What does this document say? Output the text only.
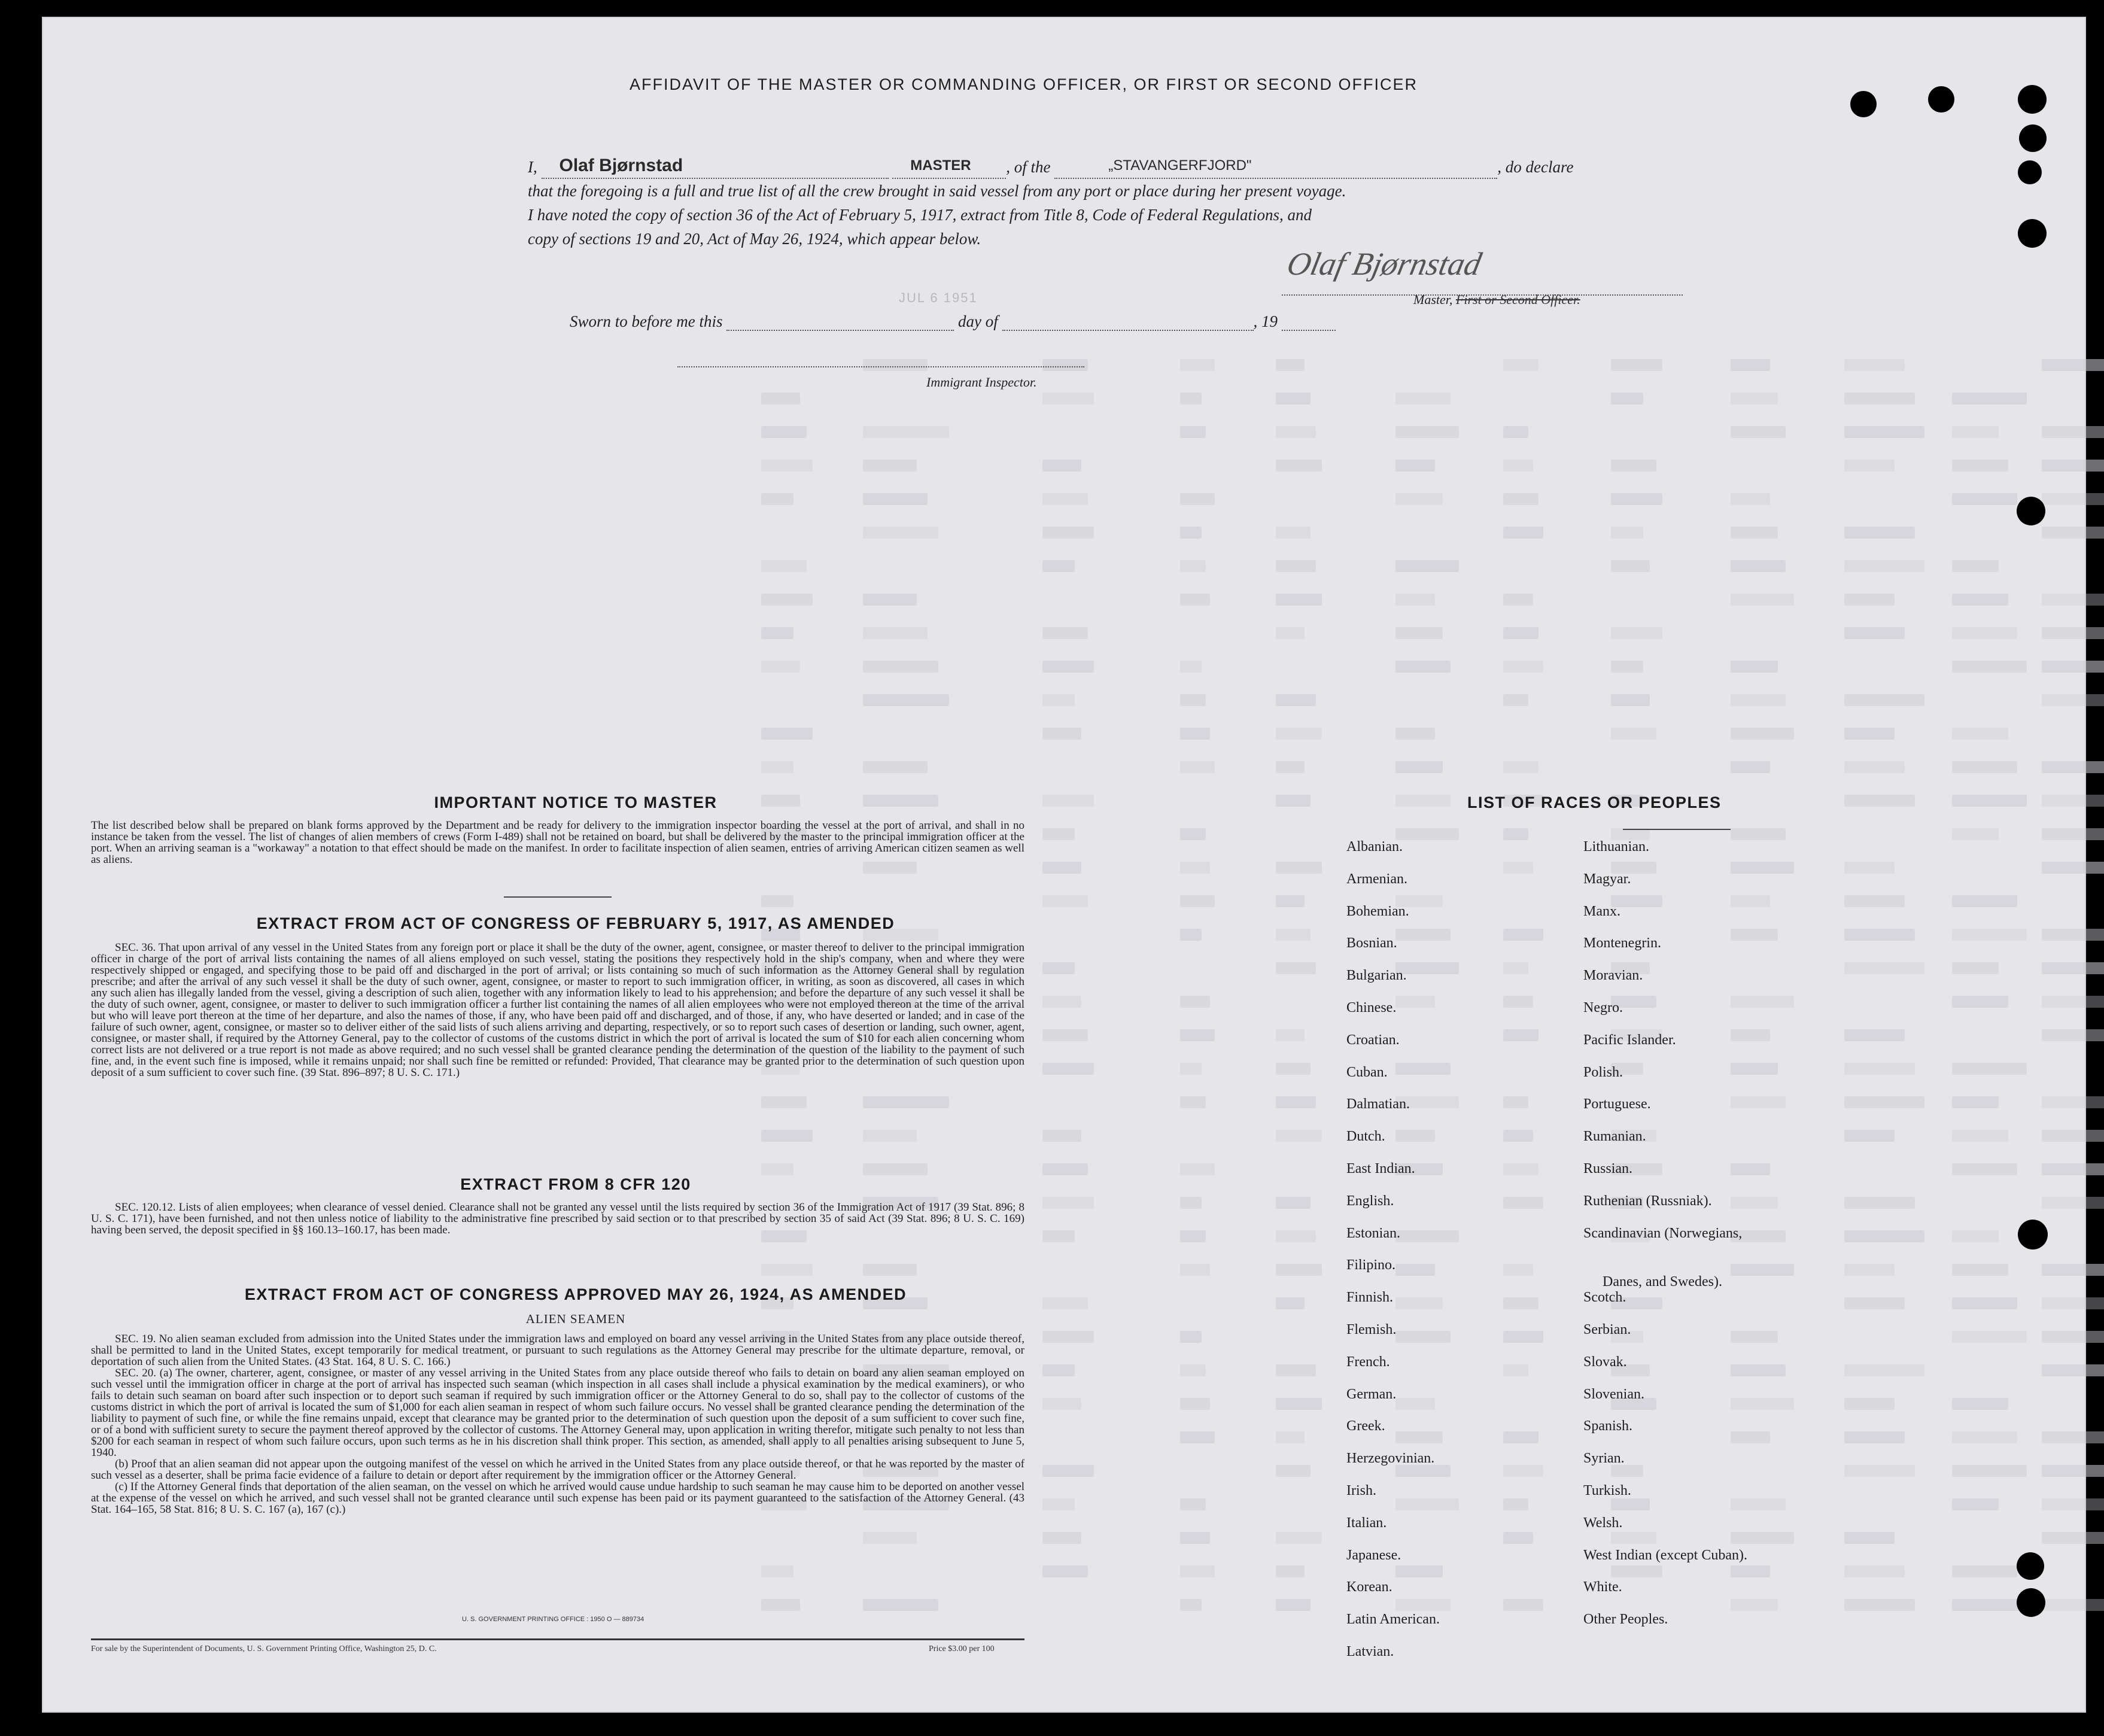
AFFIDAVIT OF THE MASTER OR COMMANDING OFFICER, OR FIRST OR SECOND OFFICER
I, Olaf Bjørnstad	MASTER , of the	„STAVANGERFJORD"	, do declare
that the foregoing is a full and true list of all the crew brought in said vessel from any port or place during her present voyage.
I have noted the copy of section 36 of the Act of February 5, 1917, extract from Title 8, Code of Federal Regulations, and
copy of sections 19 and 20, Act of May 26, 1924, which appear below.
JUL 6 1951
Olaf Bjørnstad
Master, First or Second Officer.
Sworn to before me this	day of	, 19
Immigrant Inspector.
IMPORTANT NOTICE TO MASTER
The list described below shall be prepared on blank forms approved by the Department and be ready for delivery to the immigration inspector boarding the vessel at the port of arrival, and shall in no instance be taken from the vessel. The list of changes of alien members of crews (Form I-489) shall not be retained on board, but shall be delivered by the master to the principal immigration officer at the port. When an arriving seaman is a "workaway" a notation to that effect should be made on the manifest. In order to facilitate inspection of alien seamen, entries of arriving American citizen seamen as well as aliens.
EXTRACT FROM ACT OF CONGRESS OF FEBRUARY 5, 1917, AS AMENDED
SEC. 36. That upon arrival of any vessel in the United States from any foreign port or place it shall be the duty of the owner, agent, consignee, or master thereof to deliver to the principal immigration officer in charge of the port of arrival lists containing the names of all aliens employed on such vessel, stating the positions they respectively hold in the ship's company, when and where they were respectively shipped or engaged, and specifying those to be paid off and discharged in the port of arrival; or lists containing so much of such information as the Attorney General shall by regulation prescribe; and after the arrival of any such vessel it shall be the duty of such owner, agent, consignee, or master to report to such immigration officer, in writing, as soon as discovered, all cases in which any such alien has illegally landed from the vessel, giving a description of such alien, together with any information likely to lead to his apprehension; and before the departure of any such vessel it shall be the duty of such owner, agent, consignee, or master to deliver to such immigration officer a further list containing the names of all alien employees who were not employed thereon at the time of the arrival but who will leave port thereon at the time of her departure, and also the names of those, if any, who have been paid off and discharged, and of those, if any, who have deserted or landed; and in case of the failure of such owner, agent, consignee, or master so to deliver either of the said lists of such aliens arriving and departing, respectively, or so to report such cases of desertion or landing, such owner, agent, consignee, or master shall, if required by the Attorney General, pay to the collector of customs of the customs district in which the port of arrival is located the sum of $10 for each alien concerning whom correct lists are not delivered or a true report is not made as above required; and no such vessel shall be granted clearance pending the determination of the question of the liability to the payment of such fine, and, in the event such fine is imposed, while it remains unpaid; nor shall such fine be remitted or refunded: Provided, That clearance may be granted prior to the determination of such question upon deposit of a sum sufficient to cover such fine. (39 Stat. 896–897; 8 U. S. C. 171.)
EXTRACT FROM 8 CFR 120
SEC. 120.12. Lists of alien employees; when clearance of vessel denied. Clearance shall not be granted any vessel until the lists required by section 36 of the Immigration Act of 1917 (39 Stat. 896; 8 U. S. C. 171), have been furnished, and not then unless notice of liability to the administrative fine prescribed by said section or to that prescribed by section 35 of said Act (39 Stat. 896; 8 U. S. C. 169) having been served, the deposit specified in §§ 160.13–160.17, has been made.
EXTRACT FROM ACT OF CONGRESS APPROVED MAY 26, 1924, AS AMENDED
ALIEN SEAMEN
SEC. 19. No alien seaman excluded from admission into the United States under the immigration laws and employed on board any vessel arriving in the United States from any place outside thereof, shall be permitted to land in the United States, except temporarily for medical treatment, or pursuant to such regulations as the Attorney General may prescribe for the ultimate departure, removal, or deportation of such alien from the United States. (43 Stat. 164, 8 U. S. C. 166.)
SEC. 20. (a) The owner, charterer, agent, consignee, or master of any vessel arriving in the United States from any place outside thereof who fails to detain on board any alien seaman employed on such vessel until the immigration officer in charge at the port of arrival has inspected such seaman (which inspection in all cases shall include a physical examination by the medical examiners), or who fails to detain such seaman on board after such inspection or to deport such seaman if required by such immigration officer or the Attorney General to do so, shall pay to the collector of customs of the customs district in which the port of arrival is located the sum of $1,000 for each alien seaman in respect of whom such failure occurs. No vessel shall be granted clearance pending the determination of the liability to payment of such fine, or while the fine remains unpaid, except that clearance may be granted prior to the determination of such question upon the deposit of a sum sufficient to cover such fine, or of a bond with sufficient surety to secure the payment thereof approved by the collector of customs. The Attorney General may, upon application in writing therefor, mitigate such penalty to not less than $200 for each seaman in respect of whom such failure occurs, upon such terms as he in his discretion shall think proper. This section, as amended, shall apply to all penalties arising subsequent to June 5, 1940.
(b) Proof that an alien seaman did not appear upon the outgoing manifest of the vessel on which he arrived in the United States from any place outside thereof, or that he was reported by the master of such vessel as a deserter, shall be prima facie evidence of a failure to detain or deport after requirement by the immigration officer or the Attorney General.
(c) If the Attorney General finds that deportation of the alien seaman, on the vessel on which he arrived would cause undue hardship to such seaman he may cause him to be deported on another vessel at the expense of the vessel on which he arrived, and such vessel shall not be granted clearance until such expense has been paid or its payment guaranteed to the satisfaction of the Attorney General. (43 Stat. 164–165, 58 Stat. 816; 8 U. S. C. 167 (a), 167 (c).)
U. S. GOVERNMENT PRINTING OFFICE : 1950 O — 889734
For sale by the Superintendent of Documents, U. S. Government Printing Office, Washington 25, D. C.	Price $3.00 per 100
LIST OF RACES OR PEOPLES
Albanian.
Armenian.
Bohemian.
Bosnian.
Bulgarian.
Chinese.
Croatian.
Cuban.
Dalmatian.
Dutch.
East Indian.
English.
Estonian.
Filipino.
Finnish.
Flemish.
French.
German.
Greek.
Herzegovinian.
Irish.
Italian.
Japanese.
Korean.
Latin American.
Latvian.
Lithuanian.
Magyar.
Manx.
Montenegrin.
Moravian.
Negro.
Pacific Islander.
Polish.
Portuguese.
Rumanian.
Russian.
Ruthenian (Russniak).
Scandinavian (Norwegians,
Danes, and Swedes).
Scotch.
Serbian.
Slovak.
Slovenian.
Spanish.
Syrian.
Turkish.
Welsh.
West Indian (except Cuban).
White.
Other Peoples.
